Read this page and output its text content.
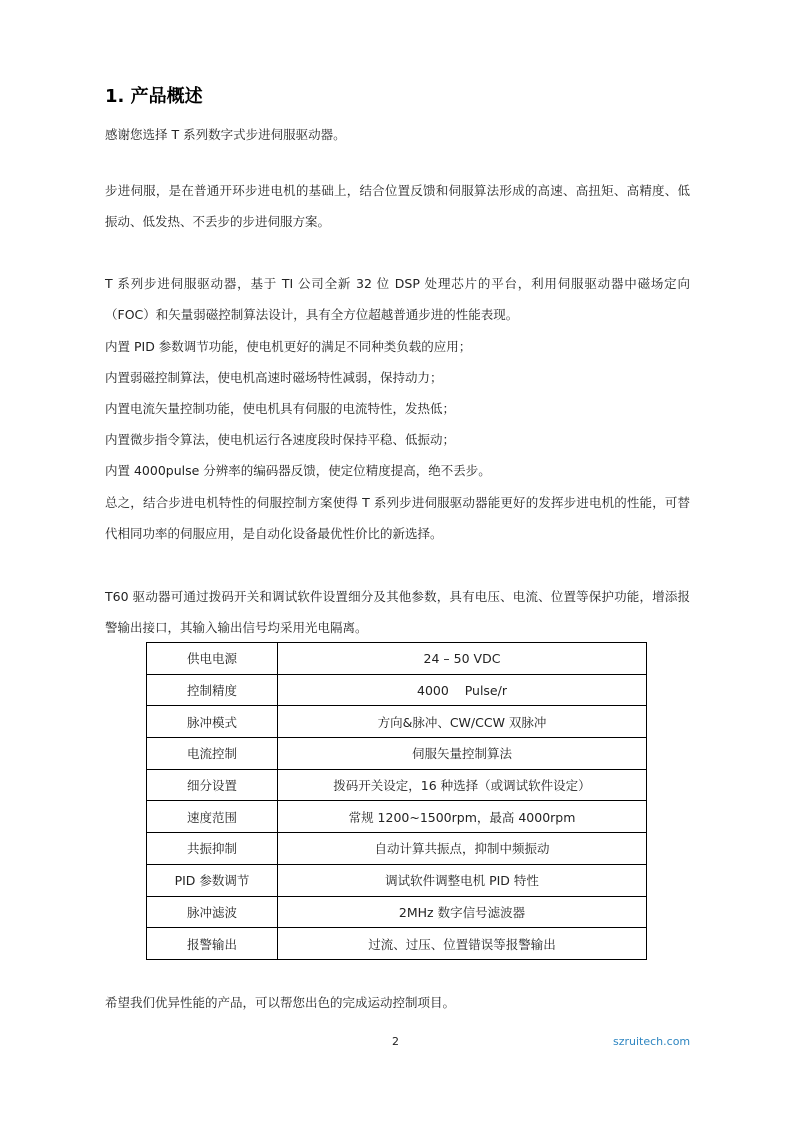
1. 产品概述
感谢您选择 T 系列数字式步进伺服驱动器。
步进伺服，是在普通开环步进电机的基础上，结合位置反馈和伺服算法形成的高速、高扭矩、高精度、低振动、低发热、不丢步的步进伺服方案。
T 系列步进伺服驱动器，基于 TI 公司全新 32 位 DSP 处理芯片的平台，利用伺服驱动器中磁场定向（FOC）和矢量弱磁控制算法设计，具有全方位超越普通步进的性能表现。
内置 PID 参数调节功能，使电机更好的满足不同种类负载的应用；
内置弱磁控制算法，使电机高速时磁场特性减弱，保持动力；
内置电流矢量控制功能，使电机具有伺服的电流特性，发热低；
内置微步指令算法，使电机运行各速度段时保持平稳、低振动；
内置 4000pulse 分辨率的编码器反馈，使定位精度提高，绝不丢步。
总之，结合步进电机特性的伺服控制方案使得 T 系列步进伺服驱动器能更好的发挥步进电机的性能，可替代相同功率的伺服应用，是自动化设备最优性价比的新选择。
T60 驱动器可通过拨码开关和调试软件设置细分及其他参数，具有电压、电流、位置等保护功能，增添报警输出接口，其输入输出信号均采用光电隔离。
供电电源	24 – 50 VDC
控制精度	4000    Pulse/r
脉冲模式	方向&脉冲、CW/CCW 双脉冲
电流控制	伺服矢量控制算法
细分设置	拨码开关设定，16 种选择（或调试软件设定）
速度范围	常规 1200~1500rpm，最高 4000rpm
共振抑制	自动计算共振点，抑制中频振动
PID 参数调节	调试软件调整电机 PID 特性
脉冲滤波	2MHz 数字信号滤波器
报警输出	过流、过压、位置错误等报警输出
希望我们优异性能的产品，可以帮您出色的完成运动控制项目。
2	szruitech.com
